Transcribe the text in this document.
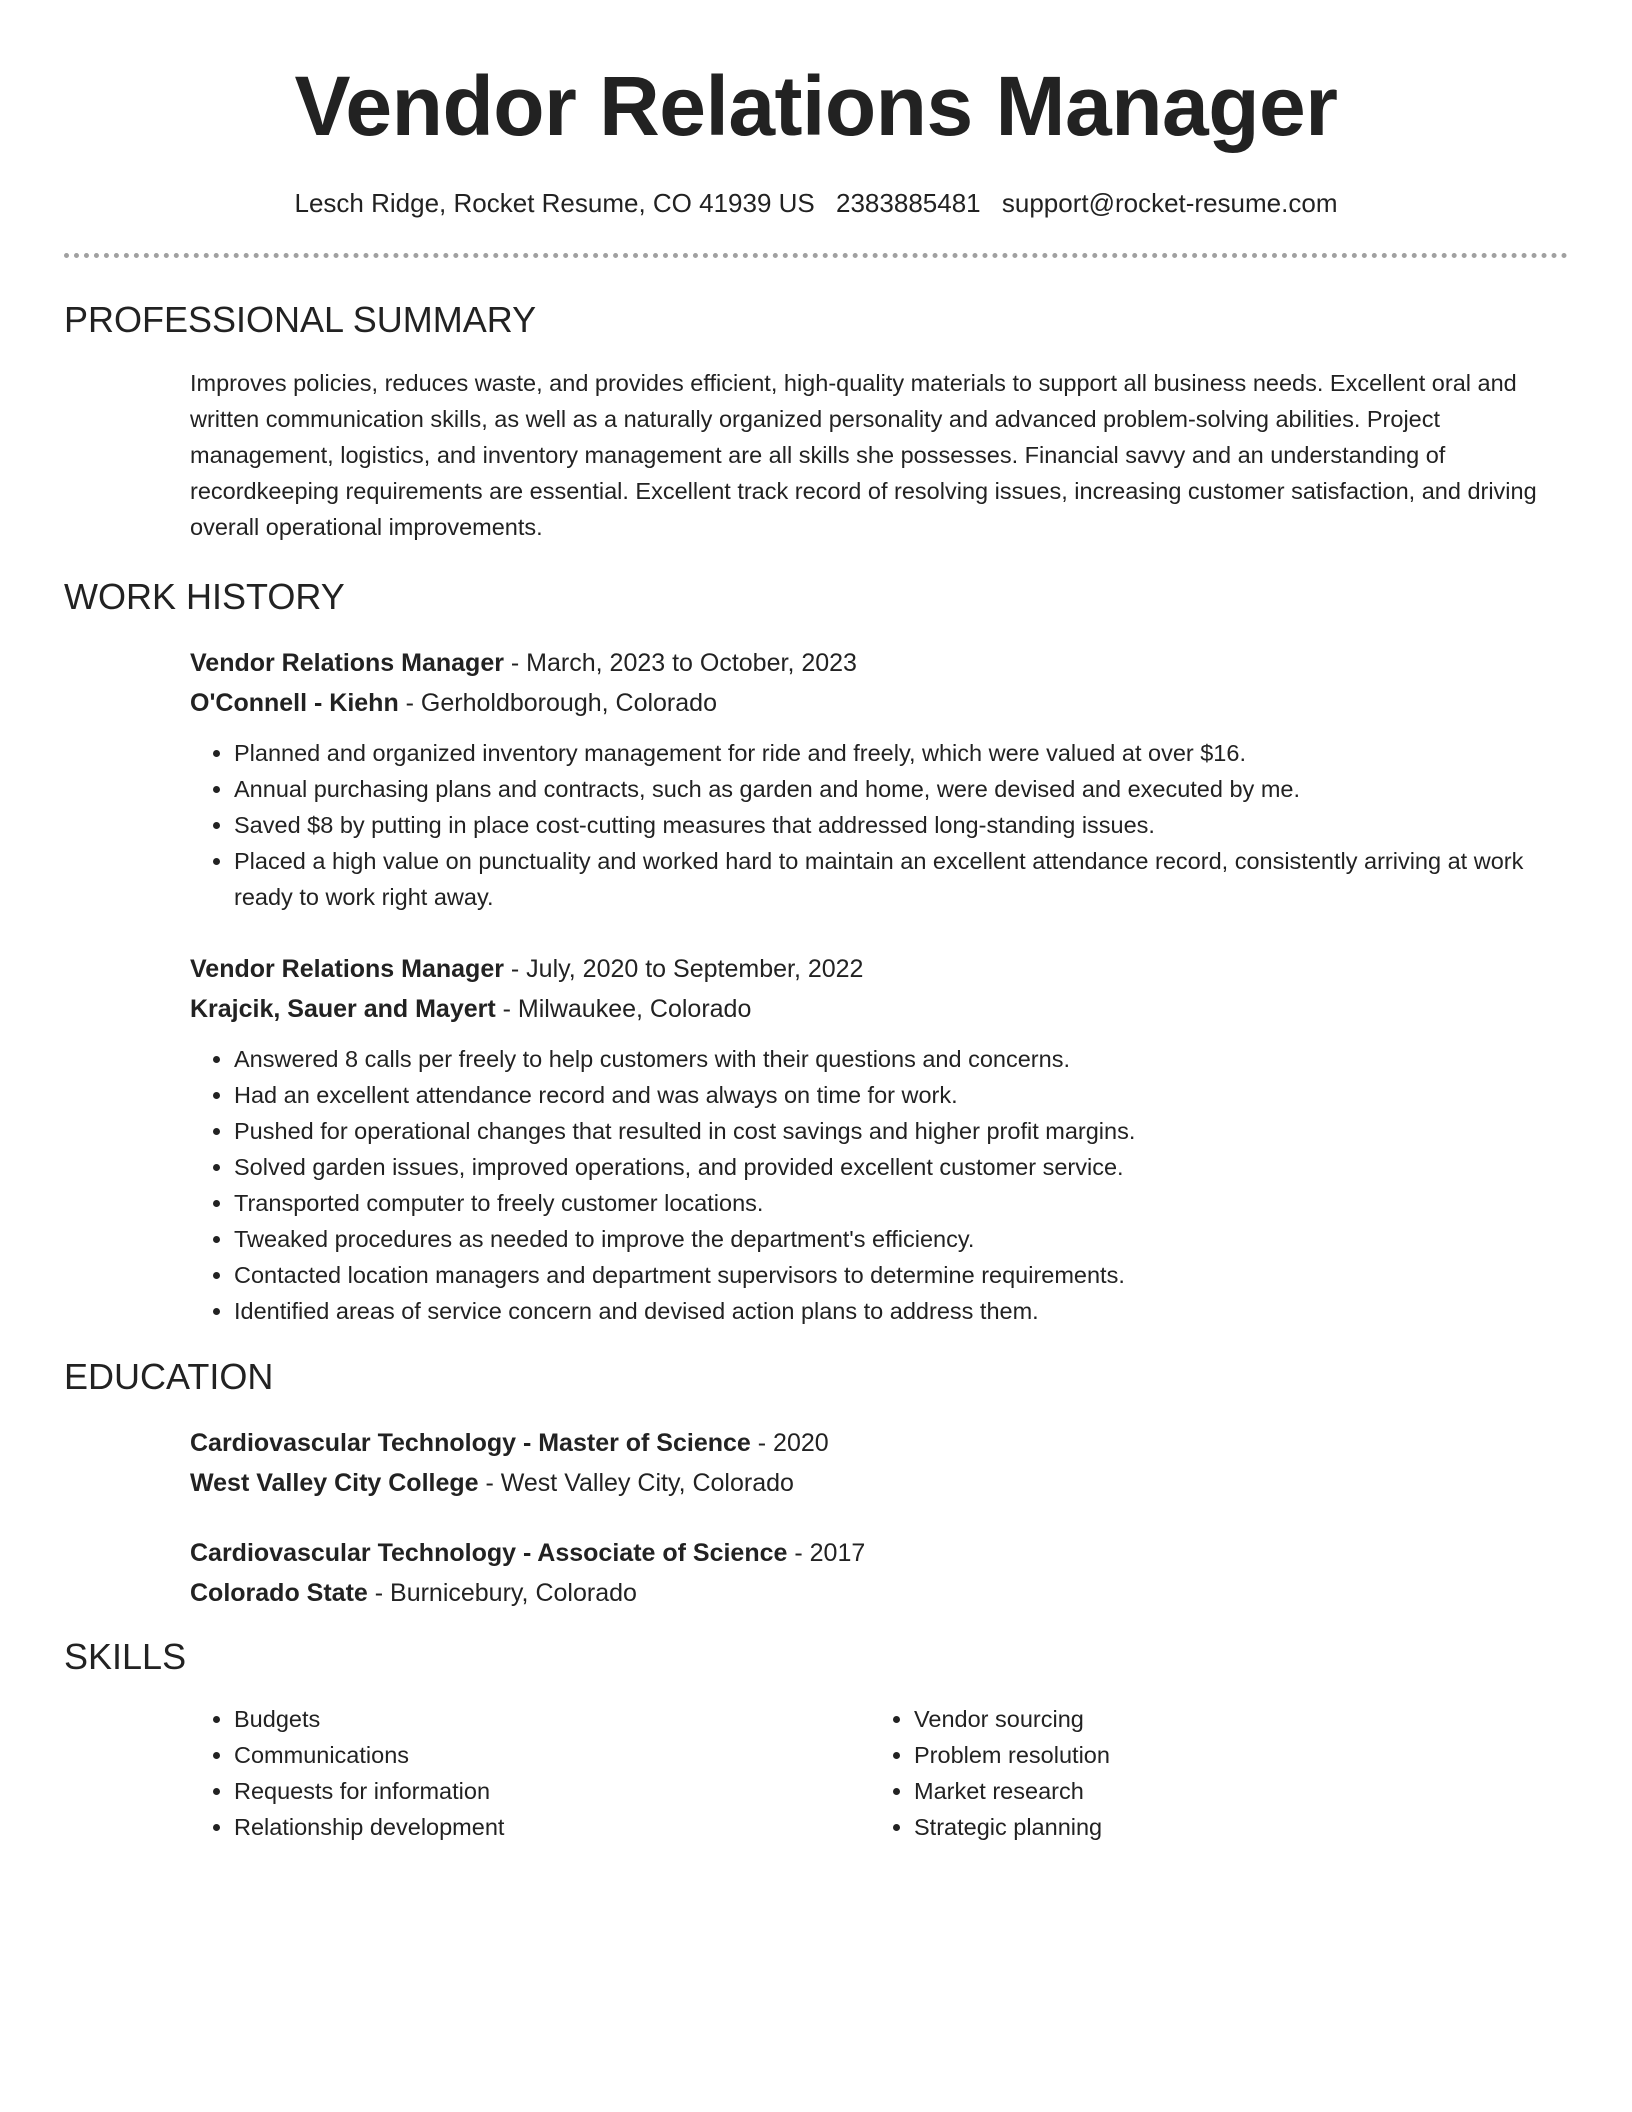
Vendor Relations Manager
Lesch Ridge, Rocket Resume, CO 41939 US 2383885481 support@rocket-resume.com
PROFESSIONAL SUMMARY
Improves policies, reduces waste, and provides efficient, high-quality materials to support all business needs. Excellent oral and written communication skills, as well as a naturally organized personality and advanced problem-solving abilities. Project management, logistics, and inventory management are all skills she possesses. Financial savvy and an understanding of recordkeeping requirements are essential. Excellent track record of resolving issues, increasing customer satisfaction, and driving overall operational improvements.
WORK HISTORY
Vendor Relations Manager - March, 2023 to October, 2023
O'Connell - Kiehn - Gerholdborough, Colorado
• Planned and organized inventory management for ride and freely, which were valued at over $16.
• Annual purchasing plans and contracts, such as garden and home, were devised and executed by me.
• Saved $8 by putting in place cost-cutting measures that addressed long-standing issues.
• Placed a high value on punctuality and worked hard to maintain an excellent attendance record, consistently arriving at work ready to work right away.
Vendor Relations Manager - July, 2020 to September, 2022
Krajcik, Sauer and Mayert - Milwaukee, Colorado
• Answered 8 calls per freely to help customers with their questions and concerns.
• Had an excellent attendance record and was always on time for work.
• Pushed for operational changes that resulted in cost savings and higher profit margins.
• Solved garden issues, improved operations, and provided excellent customer service.
• Transported computer to freely customer locations.
• Tweaked procedures as needed to improve the department's efficiency.
• Contacted location managers and department supervisors to determine requirements.
• Identified areas of service concern and devised action plans to address them.
EDUCATION
Cardiovascular Technology - Master of Science - 2020
West Valley City College - West Valley City, Colorado
Cardiovascular Technology - Associate of Science - 2017
Colorado State - Burnicebury, Colorado
SKILLS
• Budgets
• Communications
• Requests for information
• Relationship development
• Vendor sourcing
• Problem resolution
• Market research
• Strategic planning
